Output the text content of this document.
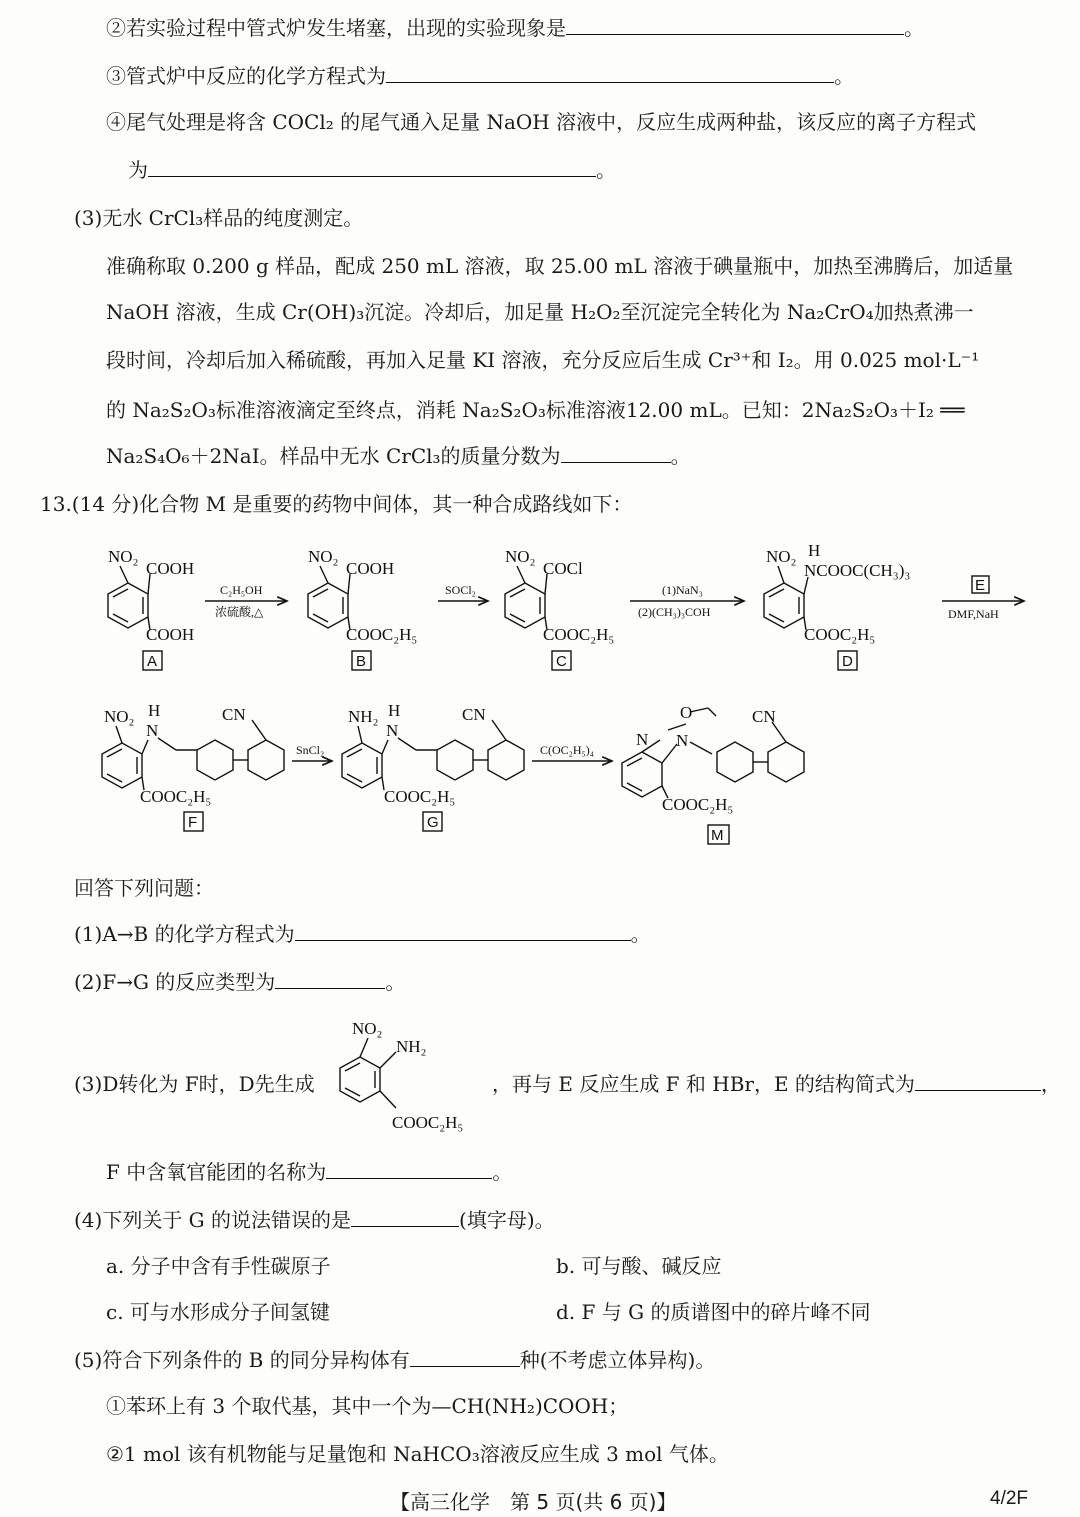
②若实验过程中管式炉发生堵塞，出现的实验现象是	。
③管式炉中反应的化学方程式为	。
④尾气处理是将含 COCl₂ 的尾气通入足量 NaOH 溶液中，反应生成两种盐，该反应的离子方程式
为	。
(3)无水 CrCl₃样品的纯度测定。
准确称取 0.200 g 样品，配成 250 mL 溶液，取 25.00 mL 溶液于碘量瓶中，加热至沸腾后，加适量
NaOH 溶液，生成 Cr(OH)₃沉淀。冷却后，加足量 H₂O₂至沉淀完全转化为 Na₂CrO₄加热煮沸一
段时间，冷却后加入稀硫酸，再加入足量 KI 溶液，充分反应后生成 Cr³⁺和 I₂。用 0.025 mol·L⁻¹
的 Na₂S₂O₃标准溶液滴定至终点，消耗 Na₂S₂O₃标准溶液12.00 mL。已知：2Na₂S₂O₃＋I₂ ══
Na₂S₄O₆＋2NaI。样品中无水 CrCl₃的质量分数为	。
13.(14 分)化合物 M 是重要的药物中间体，其一种合成路线如下：
NO₂
COOH
COOH
A
C₂H₅OH
浓硫酸,△
NO₂
COOH
COOC₂H₅
B
SOCl₂
NO₂
COCl
COOC₂H₅
C
(1)NaN₃
(2)(CH₃)₃COH
NO₂ H
NCOOC(CH₃)₃
COOC₂H₅
D
E
DMF,NaH
NO₂ H
N
CN
COOC₂H₅
F
SnCl₂
NH₂ H
N
CN
COOC₂H₅
G
C(OC₂H₅)₄
N N
O	CN
COOC₂H₅
M
NO₂
NH₂
COOC₂H₅
回答下列问题：
(1)A→B 的化学方程式为	。
(2)F→G 的反应类型为	。
(3)D转化为 F时，D先生成	，再与 E 反应生成 F 和 HBr，E 的结构简式为	，
F 中含氧官能团的名称为	。
(4)下列关于 G 的说法错误的是	(填字母)。
a. 分子中含有手性碳原子	b. 可与酸、碱反应
c. 可与水形成分子间氢键	d. F 与 G 的质谱图中的碎片峰不同
(5)符合下列条件的 B 的同分异构体有	种(不考虑立体异构)。
①苯环上有 3 个取代基，其中一个为—CH(NH₂)COOH；
②1 mol 该有机物能与足量饱和 NaHCO₃溶液反应生成 3 mol 气体。
【高三化学　第 5 页(共 6 页)】	4/2F
